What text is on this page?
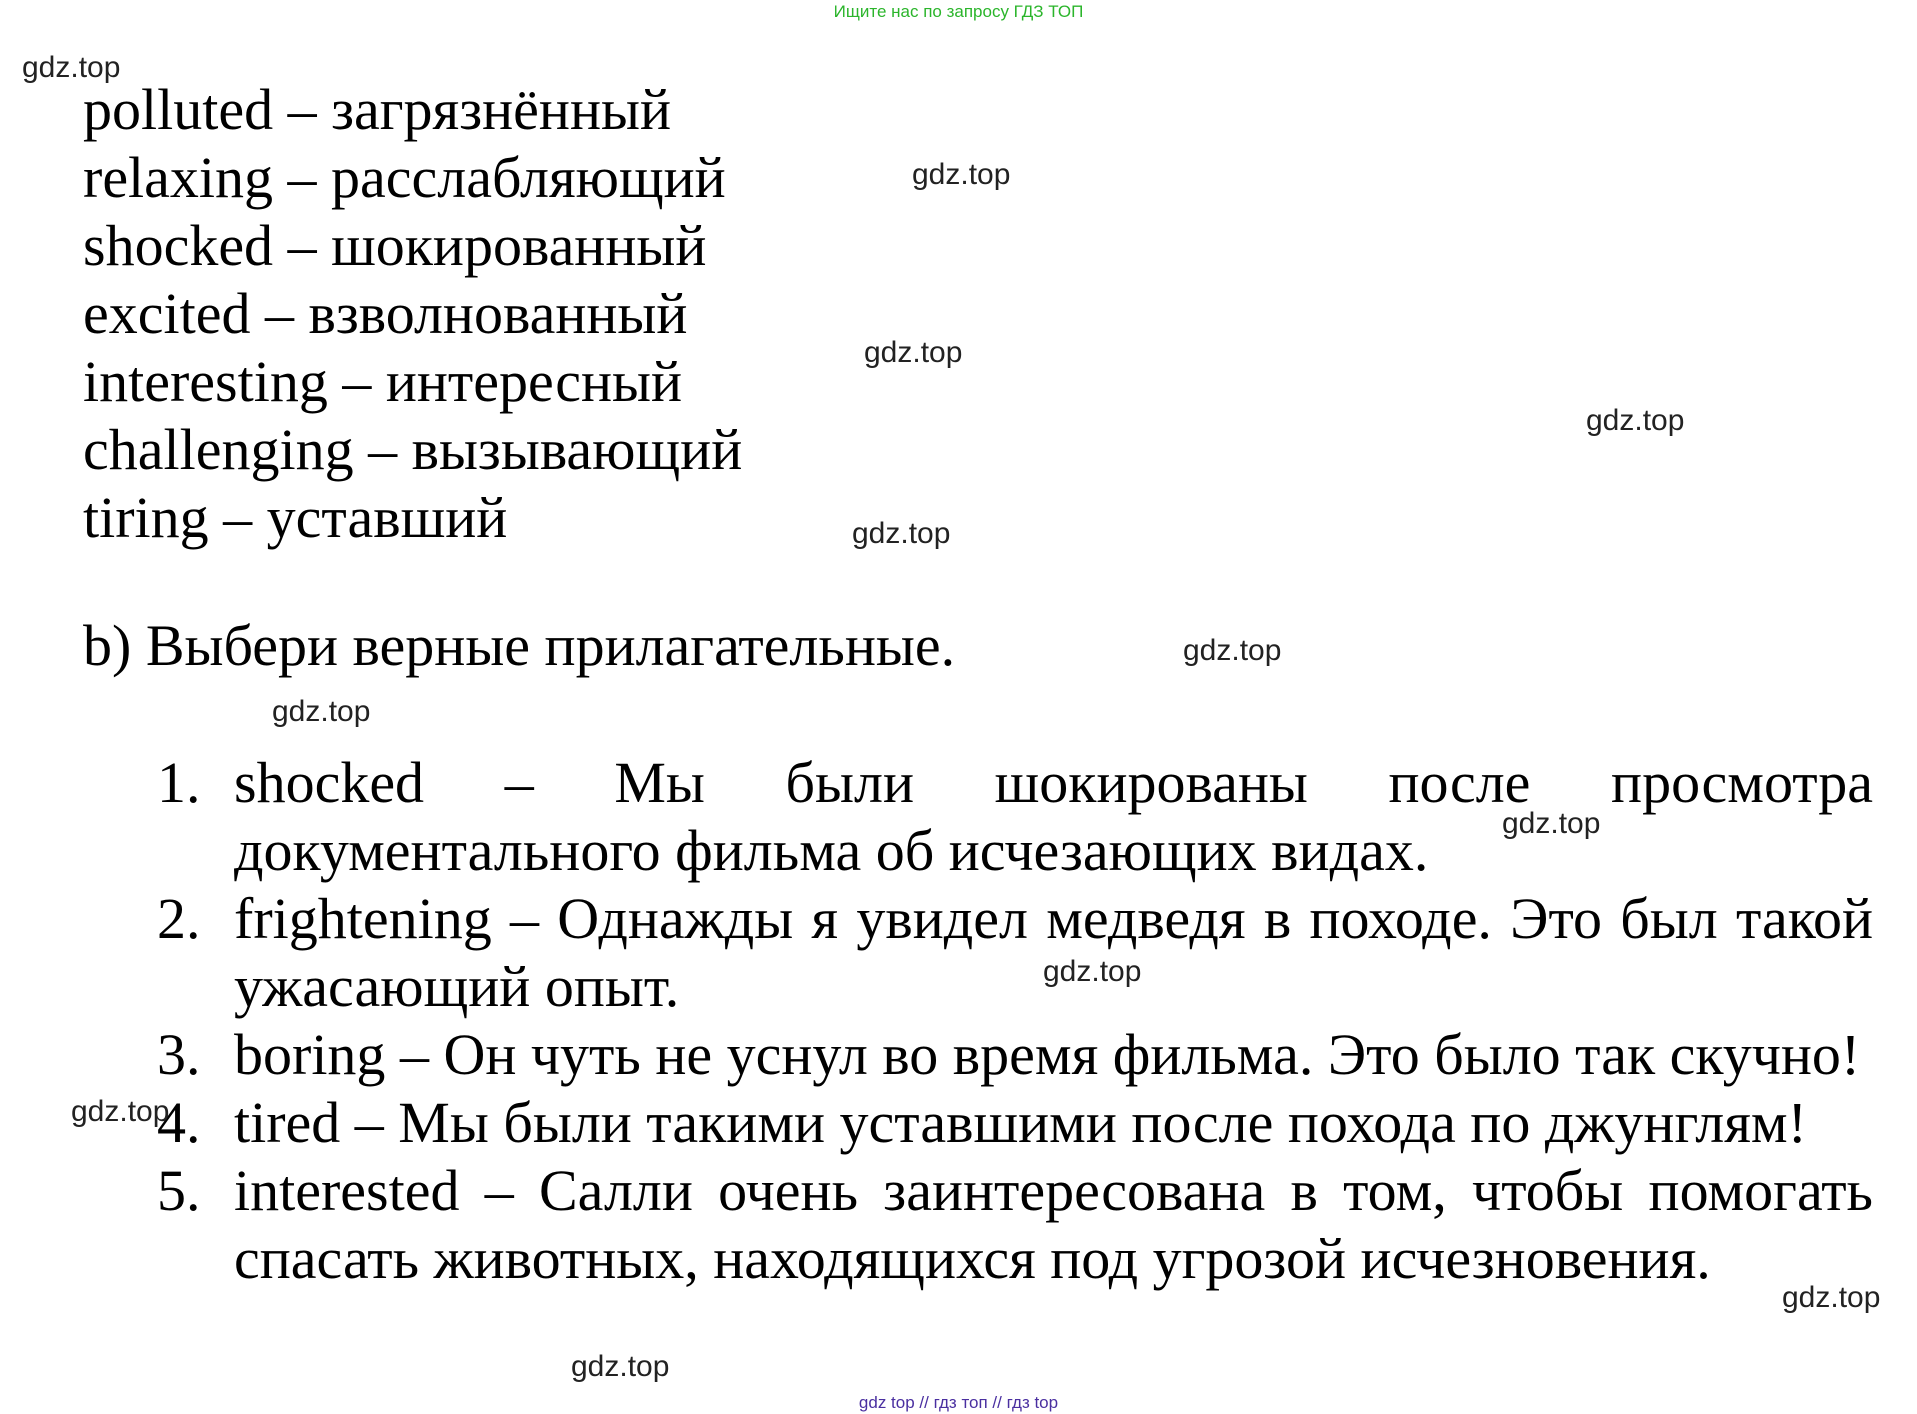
Ищите нас по запросу ГДЗ ТОП
gdz.top
polluted – загрязнённый
relaxing – расслабляющий
shocked – шокированный
excited – взволнованный
interesting – интересный
challenging – вызывающий
tiring – уставший
gdz.top
gdz.top
gdz.top
gdz.top
b) Выбери верные прилагательные.	gdz.top
gdz.top
1. shocked – Мы были шокированы после просмотра документального фильма об исчезающих видах.
2. frightening – Однажды я увидел медведя в походе. Это был такой ужасающий опыт.
3. boring – Он чуть не уснул во время фильма. Это было так скучно!
4. tired – Мы были такими уставшими после похода по джунглям!
5. interested – Салли очень заинтересована в том, чтобы помогать спасать животных, находящихся под угрозой исчезновения.
gdz.top
gdz.top
gdz.top
gdz.top
gdz.top
gdz top // гдз топ // гдз top
